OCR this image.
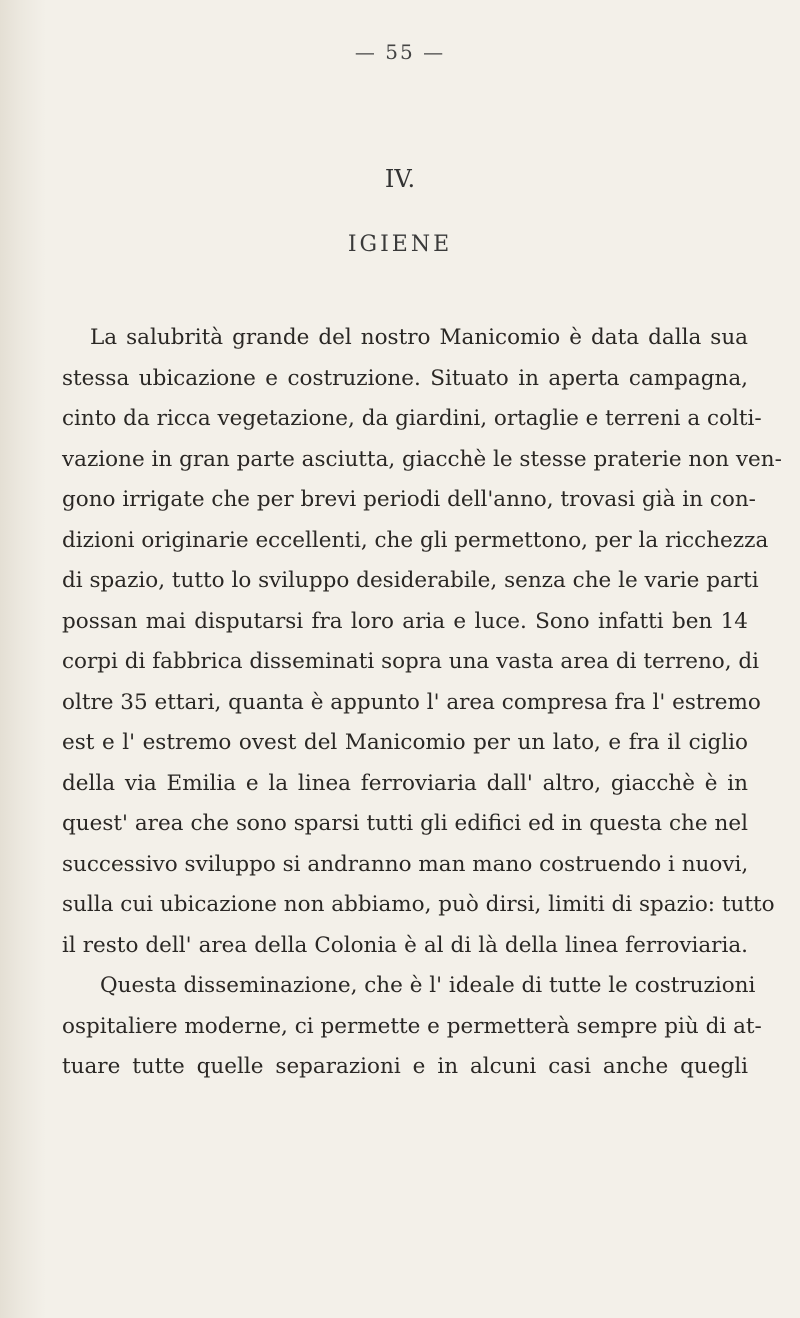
— 55 —
IV.
IGIENE
La salubrità grande del nostro Manicomio è data dalla sua
stessa ubicazione e costruzione. Situato in aperta campagna,
cinto da ricca vegetazione, da giardini, ortaglie e terreni a colti-
vazione in gran parte asciutta, giacchè le stesse praterie non ven-
gono irrigate che per brevi periodi dell'anno, trovasi già in con-
dizioni originarie eccellenti, che gli permettono, per la ricchezza
di spazio, tutto lo sviluppo desiderabile, senza che le varie parti
possan mai disputarsi fra loro aria e luce. Sono infatti ben 14
corpi di fabbrica disseminati sopra una vasta area di terreno, di
oltre 35 ettari, quanta è appunto l' area compresa fra l' estremo
est e l' estremo ovest del Manicomio per un lato, e fra il ciglio
della via Emilia e la linea ferroviaria dall' altro, giacchè è in
quest' area che sono sparsi tutti gli edifici ed in questa che nel
successivo sviluppo si andranno man mano costruendo i nuovi,
sulla cui ubicazione non abbiamo, può dirsi, limiti di spazio: tutto
il resto dell' area della Colonia è al di là della linea ferroviaria.
Questa disseminazione, che è l' ideale di tutte le costruzioni
ospitaliere moderne, ci permette e permetterà sempre più di at-
tuare tutte quelle separazioni e in alcuni casi anche quegli
